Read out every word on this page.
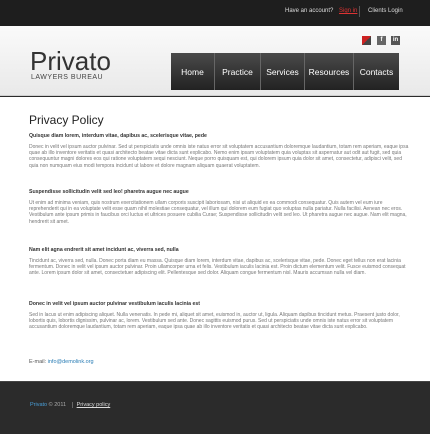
Have an account? Sign in Clients Login
Privato
LAWYERS BUREAU
f	in
Home	Practice	Services	Resources	Contacts
Privacy Policy
Quisque diam lorem, interdum vitae, dapibus ac, scelerisque vitae, pede
Donec in velit vel ipsum auctor pulvinar. Sed ut perspiciatis unde omnis iste natus error sit voluptatem accusantium doloremque laudantium, totam rem aperiam, eaque ipsa quae ab illo inventore veritatis et quasi architecto beatae vitae dicta sunt explicabo. Nemo enim ipsam voluptatem quia voluptas sit aspernatur aut odit aut fugit, sed quia consequuntur magni dolores eos qui ratione voluptatem sequi nesciunt. Neque porro quisquam est, qui dolorem ipsum quia dolor sit amet, consectetur, adipisci velit, sed quia non numquam eius modi tempora incidunt ut labore et dolore magnam aliquam quaerat voluptatem.
Suspendisse sollicitudin velit sed leo! pharetra augue nec augue
Ut enim ad minima veniam, quis nostrum exercitationem ullam corporis suscipit laboriosam, nisi ut aliquid ex ea commodi consequatur. Quis autem vel eum iure reprehenderit qui in ea voluptate velit esse quam nihil molestiae consequatur, vel illum qui dolorem eum fugiat quo voluptas nulla pariatur. Nulla facilisi. Aenean nec eros. Vestibulum ante ipsum primis in faucibus orci luctus et ultrices posuere cubilia Curae; Suspendisse sollicitudin velit sed leo. Ut pharetra augue nec augue. Nam elit magna, hendrerit sit amet.
Nam elit agna endrerit sit amet incidunt ac, viverra sed, nulla
Tincidunt ac, viverra sed, nulla. Donec porta diam eu massa. Quisque diam lorem, interdum vitae, dapibus ac, scelerisque vitae, pede. Donec eget tellus non erat lacinia fermentum. Donec in velit vel ipsum auctor pulvinar. Proin ullamcorper urna et felis. Vestibulum iaculis lacinia est. Proin dictum elementum velit. Fusce euismod consequat ante. Lorem ipsum dolor sit amet, consectetuer adipiscing elit. Pellentesque sed dolor. Aliquam congue fermentum nisl. Mauris accumsan nulla vel diam.
Donec in velit vel ipsum auctor pulvinar vestibulum iaculis lacinia est
Sed in lacus ut enim adipiscing aliquet. Nulla venenatis. In pede mi, aliquet sit amet, euismod in, auctor ut, ligula. Aliquam dapibus tincidunt metus. Praesent justo dolor, lobortis quis, lobortis dignissim, pulvinar ac, lorem. Vestibulum sed ante. Donec sagittis euismod purus. Sed ut perspiciatis unde omnis iste natus error sit voluptatem accusantium doloremque laudantium, totam rem aperiam, eaque ipsa quae ab illo inventore veritatis et quasi architecto beatae vitae dicta sunt explicabo.
E-mail: info@demolink.org
Privato © 2011 Privacy policy
